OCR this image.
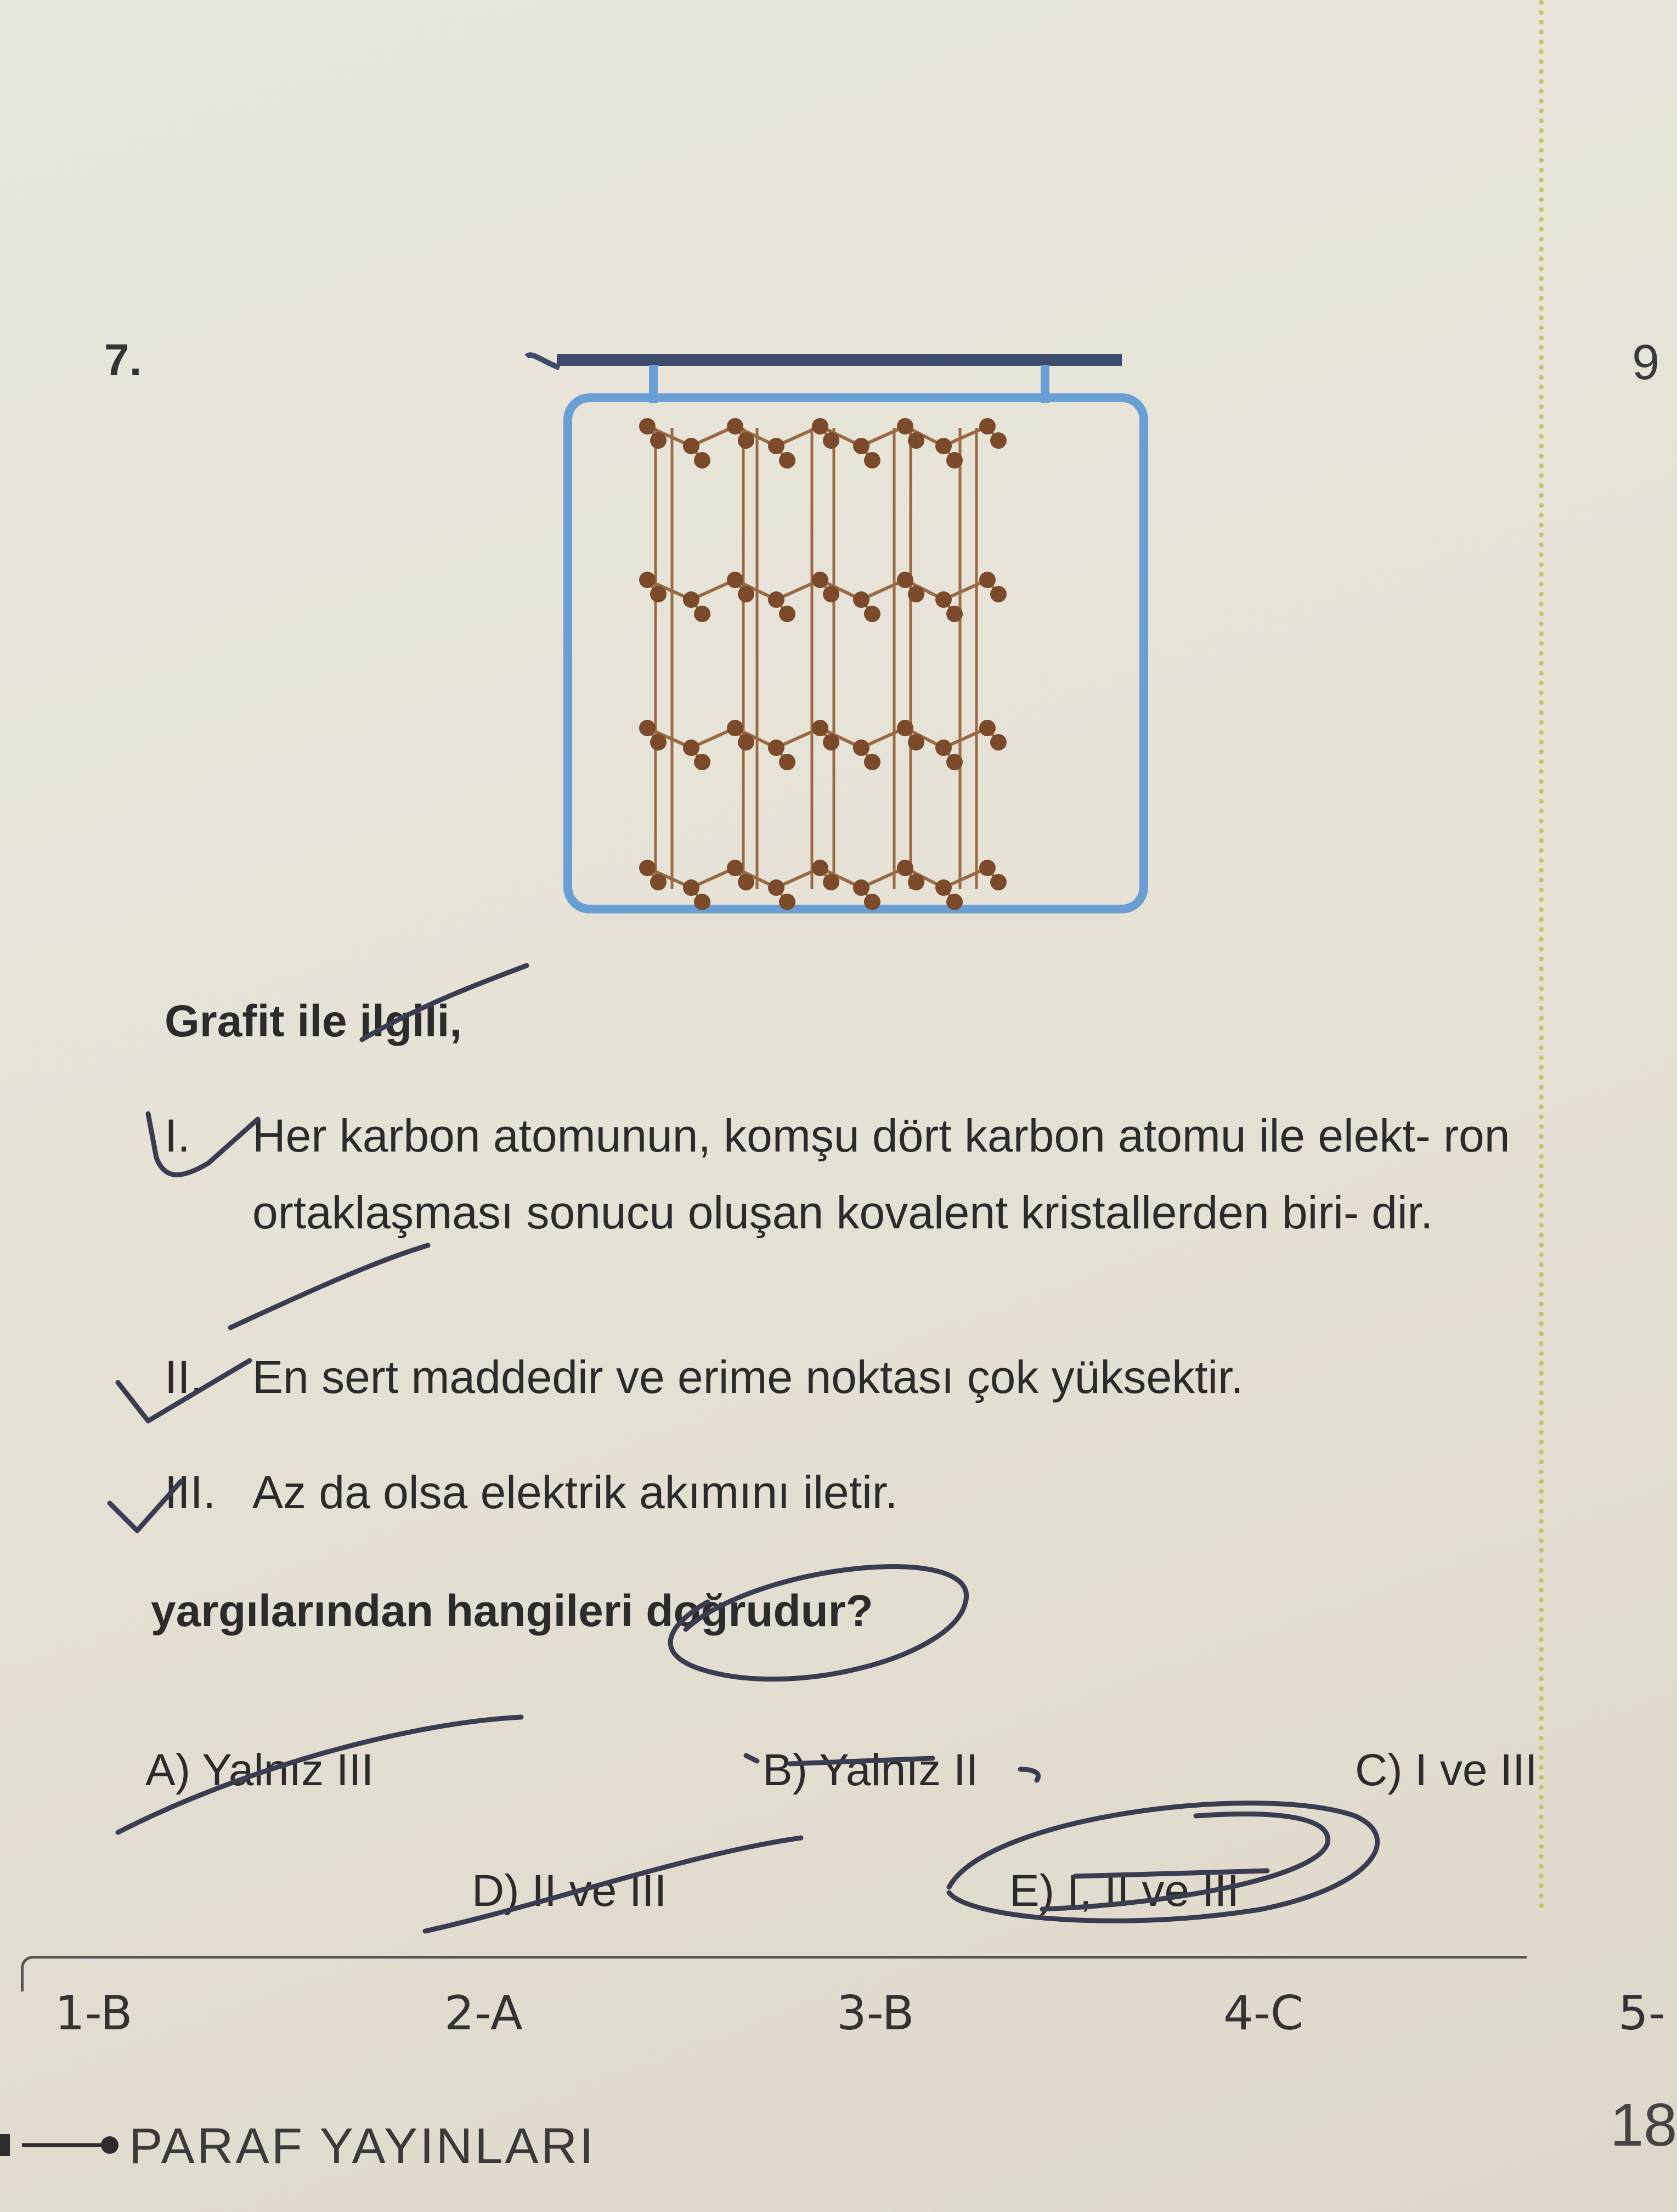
7.	9
Grafit ile ilgili,
I. Her karbon atomunun, komşu dört karbon atomu ile elekt- ron ortaklaşması sonucu oluşan kovalent kristallerden biri- dir.
II. En sert maddedir ve erime noktası çok yüksektir.
III. Az da olsa elektrik akımını iletir.
yargılarından hangileri doğrudur?
A) Yalnız III	B) Yalnız II	C) I ve III
D) II ve III	E) I, II ve III
1-B	2-A	3-B	4-C	5-
18
PARAF YAYINLARI
